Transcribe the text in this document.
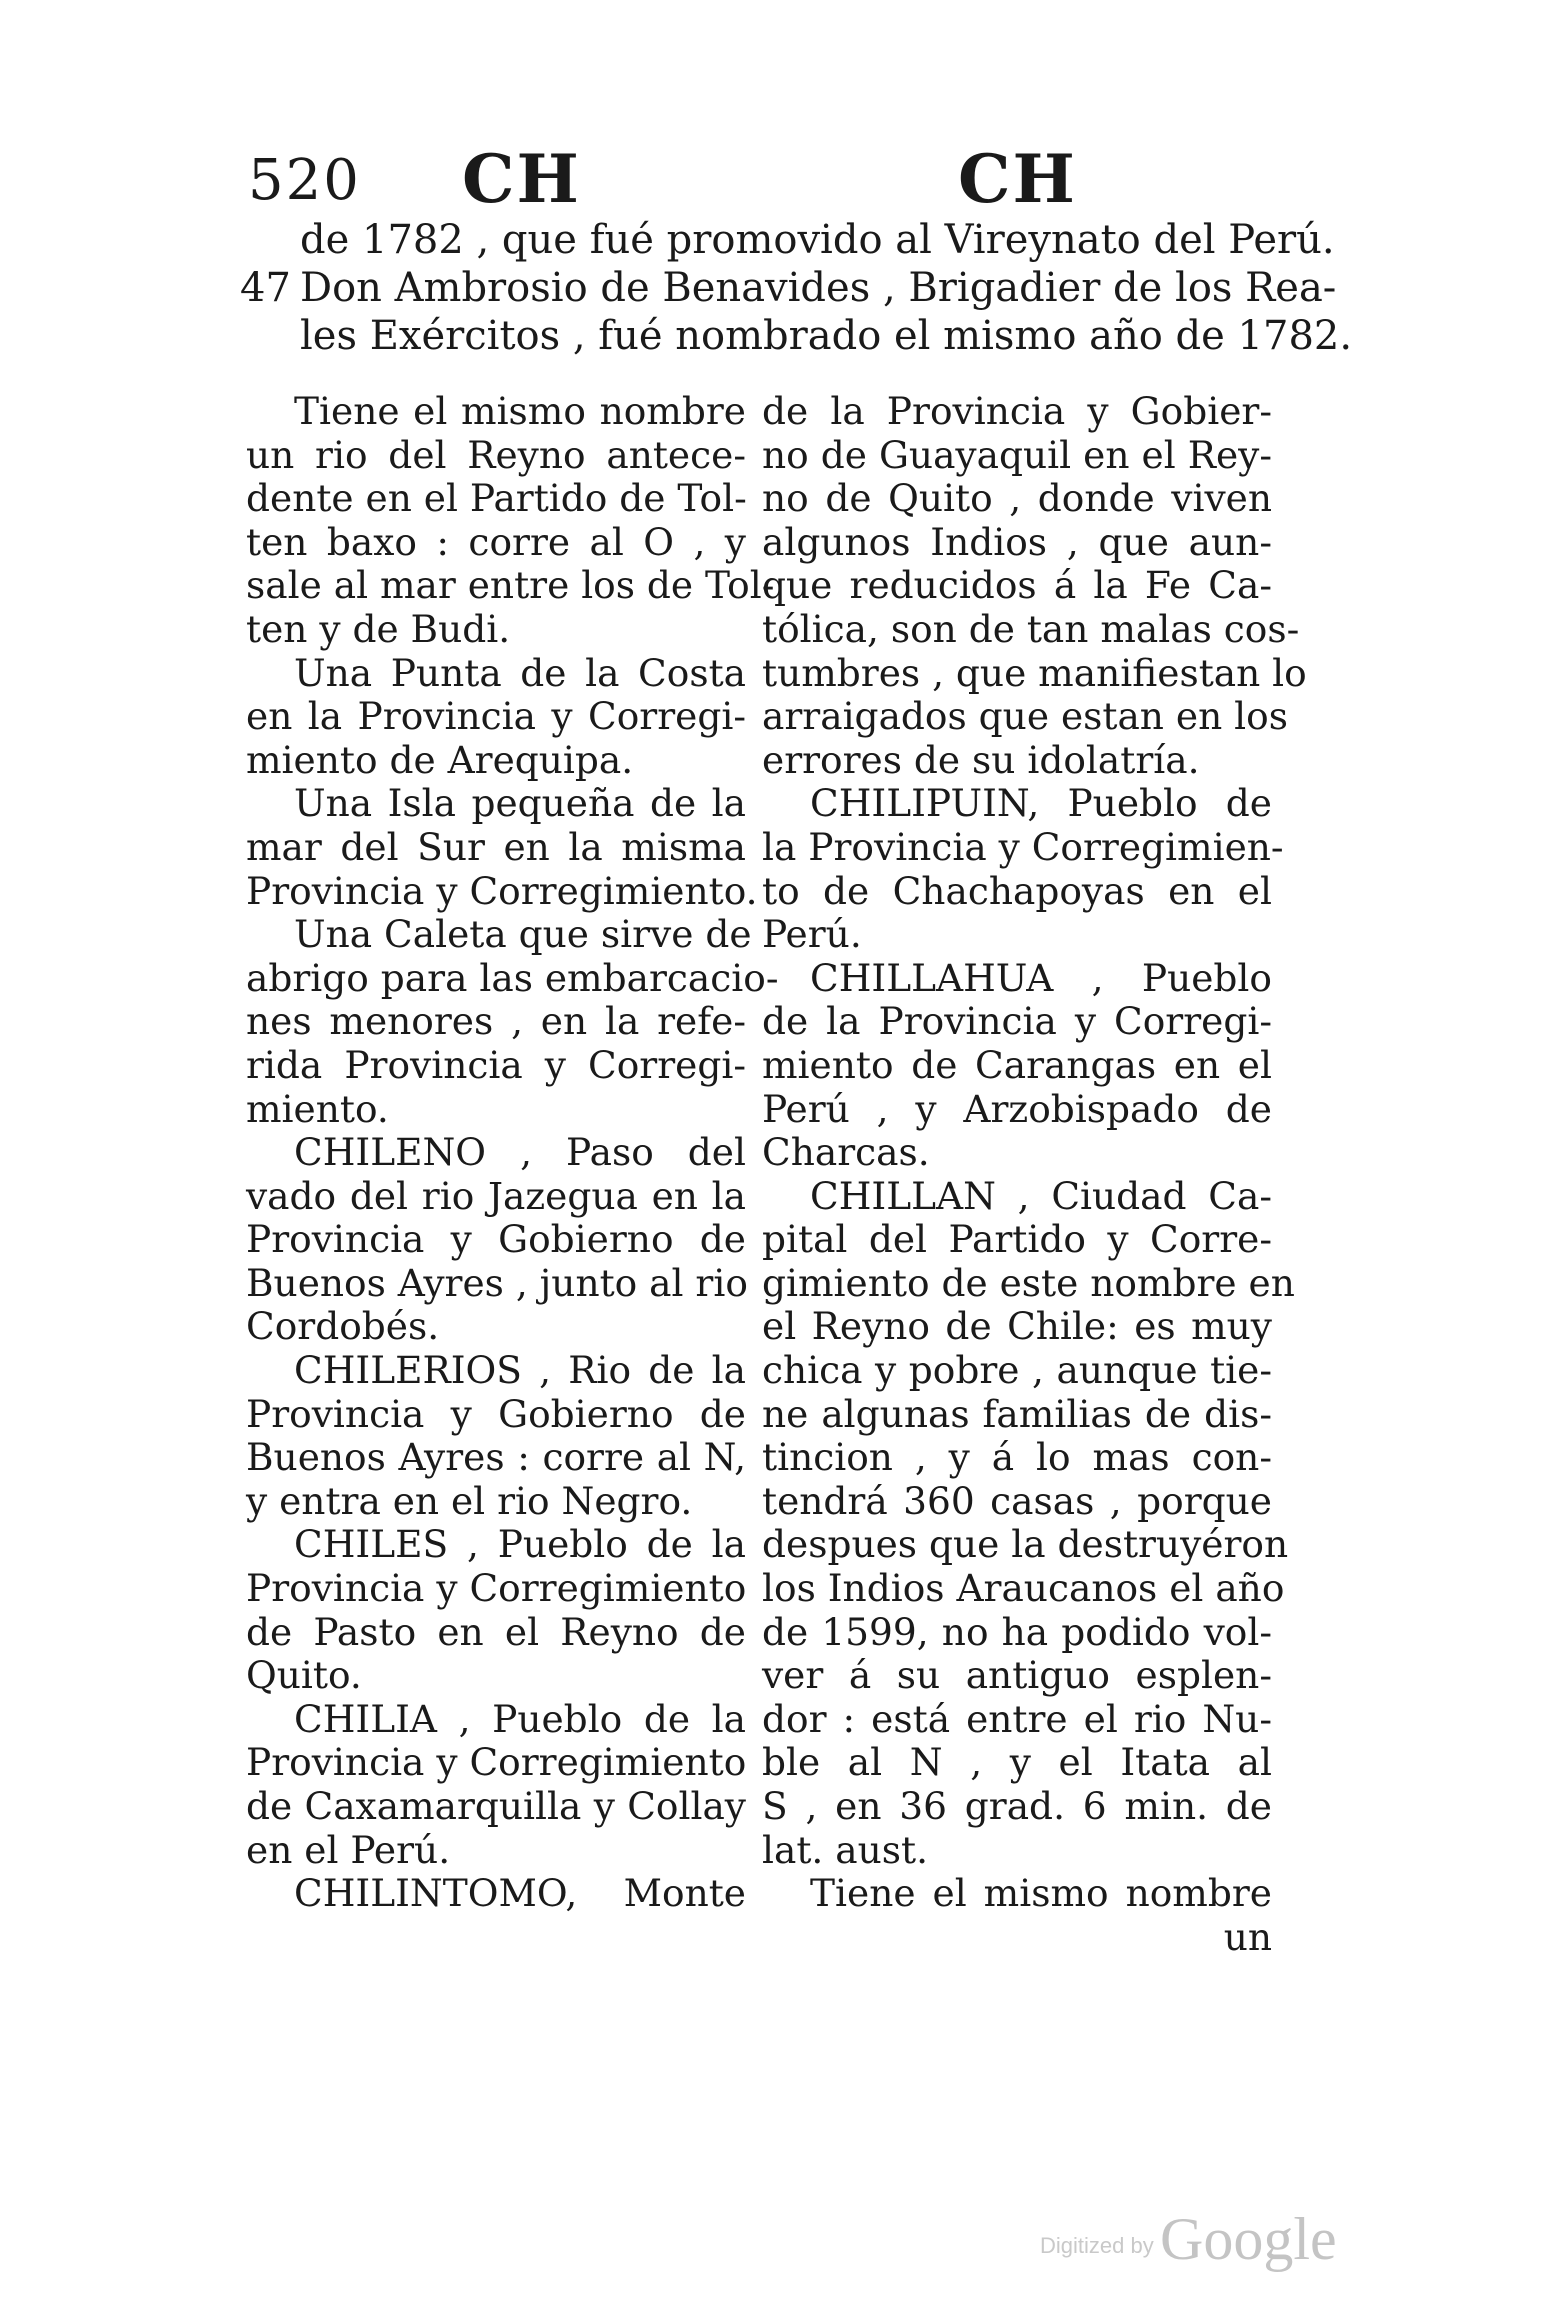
520 CH	CH
de 1782 , que fué promovido al Vireynato del Perú.
47 Don Ambrosio de Benavides , Brigadier de los Rea-
les Exércitos , fué nombrado el mismo año de 1782.
Tiene el mismo nombre
un rio del Reyno antece-
dente en el Partido de Tol-
ten baxo : corre al O , y
sale al mar entre los de Tol-
ten y de Budi.
Una Punta de la Costa
en la Provincia y Corregi-
miento de Arequipa.
Una Isla pequeña de la
mar del Sur en la misma
Provincia y Corregimiento.
Una Caleta que sirve de
abrigo para las embarcacio-
nes menores , en la refe-
rida Provincia y Corregi-
miento.
CHILENO , Paso del
vado del rio Jazegua en la
Provincia y Gobierno de
Buenos Ayres , junto al rio
Cordobés.
CHILERIOS , Rio de la
Provincia y Gobierno de
Buenos Ayres : corre al N,
y entra en el rio Negro.
CHILES , Pueblo de la
Provincia y Corregimiento
de Pasto en el Reyno de
Quito.
CHILIA , Pueblo de la
Provincia y Corregimiento
de Caxamarquilla y Collay
en el Perú.
CHILINTOMO, Monte
de la Provincia y Gobier-
no de Guayaquil en el Rey-
no de Quito , donde viven
algunos Indios , que aun-
que reducidos á la Fe Ca-
tólica, son de tan malas cos-
tumbres , que manifiestan lo
arraigados que estan en los
errores de su idolatría.
CHILIPUIN, Pueblo de
la Provincia y Corregimien-
to de Chachapoyas en el
Perú.
CHILLAHUA , Pueblo
de la Provincia y Corregi-
miento de Carangas en el
Perú , y Arzobispado de
Charcas.
CHILLAN , Ciudad Ca-
pital del Partido y Corre-
gimiento de este nombre en
el Reyno de Chile: es muy
chica y pobre , aunque tie-
ne algunas familias de dis-
tincion , y á lo mas con-
tendrá 360 casas , porque
despues que la destruyéron
los Indios Araucanos el año
de 1599, no ha podido vol-
ver á su antiguo esplen-
dor : está entre el rio Nu-
ble al N , y el Itata al
S , en 36 grad. 6 min. de
lat. aust.
Tiene el mismo nombre
un
Digitized by Google
